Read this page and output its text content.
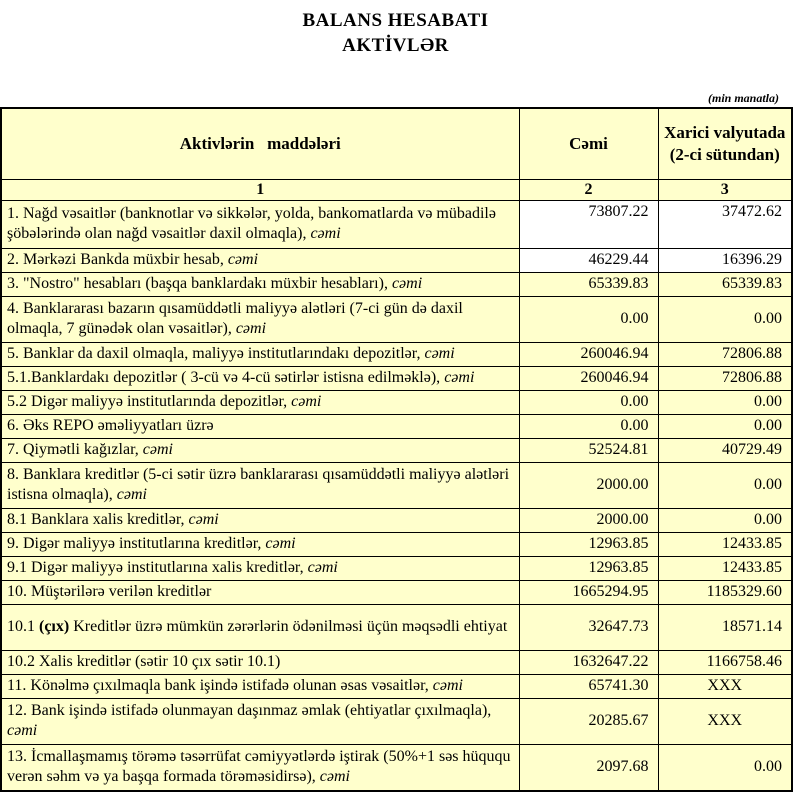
BALANS HESABATI
AKTİVLƏR
(min manatla)
Aktivlərin   maddələri	Cəmi	Xarici valyutada (2-ci sütundan)
1	2	3
1. Nağd vəsaitlər (banknotlar və sikkələr, yolda, bankomatlarda və mübadilə şöbələrində olan nağd vəsaitlər daxil olmaqla), cəmi	73807.22	37472.62
2. Mərkəzi Bankda müxbir hesab, cəmi	46229.44	16396.29
3. "Nostro" hesabları (başqa banklardakı müxbir hesabları), cəmi	65339.83	65339.83
4. Banklararası bazarın qısamüddətli maliyyə alətləri (7-ci gün də daxil olmaqla, 7 günədək olan vəsaitlər), cəmi	0.00	0.00
5. Banklar da daxil olmaqla, maliyyə institutlarındakı depozitlər, cəmi	260046.94	72806.88
5.1.Banklardakı depozitlər ( 3-cü və 4-cü sətirlər istisna edilməklə), cəmi	260046.94	72806.88
5.2 Digər maliyyə institutlarında depozitlər, cəmi	0.00	0.00
6. Əks REPO əməliyyatları üzrə	0.00	0.00
7. Qiymətli kağızlar, cəmi	52524.81	40729.49
8. Banklara kreditlər (5-ci sətir üzrə banklararası qısamüddətli maliyyə alətləri istisna olmaqla), cəmi	2000.00	0.00
8.1 Banklara xalis kreditlər, cəmi	2000.00	0.00
9. Digər maliyyə institutlarına kreditlər, cəmi	12963.85	12433.85
9.1 Digər maliyyə institutlarına xalis kreditlər, cəmi	12963.85	12433.85
10. Müştərilərə verilən kreditlər	1665294.95	1185329.60
10.1 (çıx) Kreditlər üzrə mümkün zərərlərin ödənilməsi üçün məqsədli ehtiyat	32647.73	18571.14
10.2 Xalis kreditlər (sətir 10 çıx sətir 10.1)	1632647.22	1166758.46
11. Könəlmə çıxılmaqla bank işində istifadə olunan əsas vəsaitlər, cəmi	65741.30	XXX
12. Bank işində istifadə olunmayan daşınmaz əmlak (ehtiyatlar çıxılmaqla), cəmi	20285.67	XXX
13. İcmallaşmamış törəmə təsərrüfat cəmiyyətlərdə iştirak (50%+1 səs hüququ verən səhm və ya başqa formada törəməsidirsə), cəmi	2097.68	0.00
